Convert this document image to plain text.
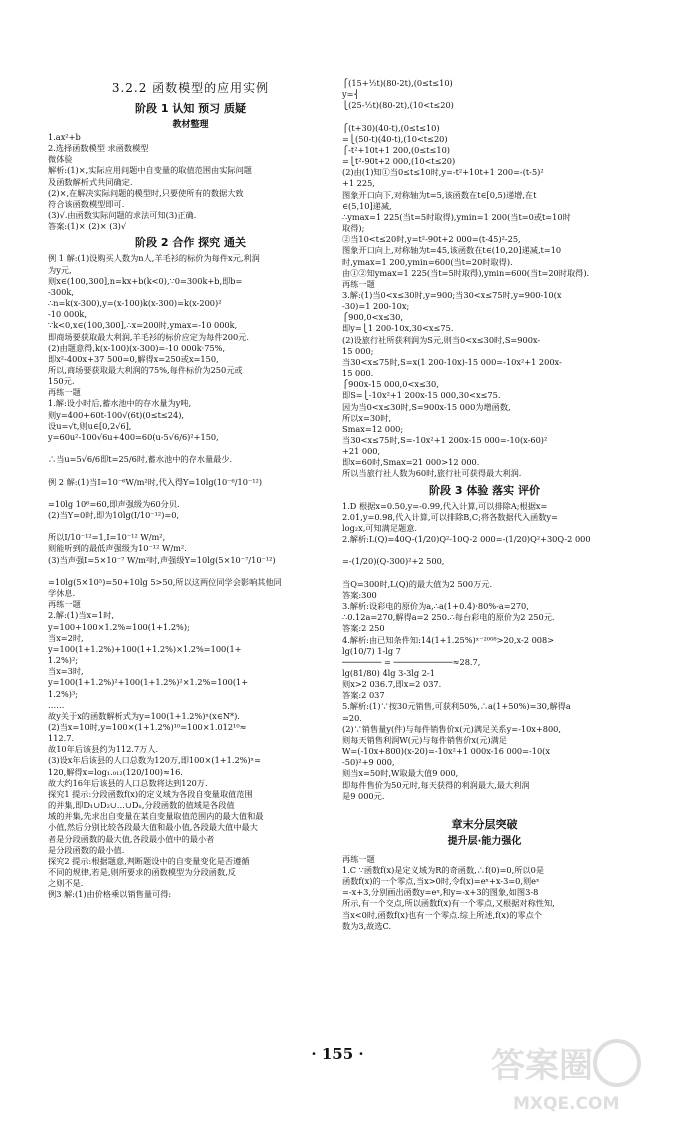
3.2.2 函数模型的应用实例
阶段 1 认知 预习 质疑
教材整理
1.ax²+b
2.选择函数模型 求函数模型
微体验
解析:(1)×,实际应用问题中自变量的取值范围由实际问题
及函数解析式共同确定.
(2)×,在解决实际问题的模型时,只要使所有的数据大致
符合该函数模型即可.
(3)√.由函数实际问题的求法可知(3)正确.
答案:(1)× (2)× (3)√
阶段 2 合作 探究 通关
例 1 解:(1)设购买人数为n人,羊毛衫的标价为每件x元,利润
为y元,
则x∈(100,300],n=kx+b(k<0),∵0=300k+b,即b=
-300k,
∴n=k(x-300),y=(x-100)k(x-300)=k(x-200)²
-10 000k,
∵k<0,x∈(100,300],∴x=200时,ymax=-10 000k,
即商场要获取最大利润,羊毛衫的标价应定为每件200元.
(2)由题意得,k(x-100)(x-300)=-10 000k·75%,
即x²-400x+37 500=0,解得x=250或x=150,
所以,商场要获取最大利润的75%,每件标价为250元或
150元.
再练一题
1.解:设小时后,蓄水池中的存水量为y吨,
则y=400+60t-100√(6t)(0≤t≤24),
设u=√t,则u∈[0,2√6],
y=60u²-100√6u+400=60(u-5√6/6)²+150,

∴当u=5√6/6即t=25/6时,蓄水池中的存水量最少.

例 2 解:(1)当I=10⁻⁶W/m²时,代入得Y=10lg(10⁻⁶/10⁻¹²)

=10lg 10⁶=60,即声强级为60分贝.
(2)当Y=0时,即为10lg(I/10⁻¹²)=0,

所以I/10⁻¹²=1,I=10⁻¹² W/m²,
则能听到的最低声强级为10⁻¹² W/m².
(3)当声强I=5×10⁻⁷ W/m²时,声强级Y=10lg(5×10⁻⁷/10⁻¹²)

=10lg(5×10⁵)=50+10lg 5>50,所以这两位同学会影响其他同
学休息.
再练一题
2.解:(1)当x=1时,
y=100+100×1.2%=100(1+1.2%);
当x=2时,
y=100(1+1.2%)+100(1+1.2%)×1.2%=100(1+
1.2%)²;
当x=3时,
y=100(1+1.2%)²+100(1+1.2%)²×1.2%=100(1+
1.2%)³;
……
故y关于x的函数解析式为y=100(1+1.2%)ˣ(x∈N*).
(2)当x=10时,y=100×(1+1.2%)¹⁰=100×1.012¹⁰≈
112.7.
故10年后该县约为112.7万人.
(3)设x年后该县的人口总数为120万,即100×(1+1.2%)ˣ=
120,解得x=log₁.₀₁₂(120/100)≈16.
故大约16年后该县的人口总数将达到120万.
探究1 提示:分段函数f(x)的定义域为各段自变量取值范围
的并集,即D₁∪D₂∪…∪Dₙ,分段函数的值域是各段值
域的并集,先求出自变量在某自变量取值范围内的最大值和最
小值,然后分别比较各段最大值和最小值,各段最大值中最大
者是分段函数的最大值,各段最小值中的最小者
是分段函数的最小值.
探究2 提示:根据题意,判断题设中的自变量变化是否遵循
不同的规律,若是,则所要求的函数模型为分段函数,反
之则不是.
例3 解:(1)由价格乘以销售量可得:
⎧(15+½t)(80-2t),(0≤t≤10)
y=⎨
⎩(25-½t)(80-2t),(10<t≤20)

⎧(t+30)(40-t),(0≤t≤10)
=⎩(50-t)(40-t),(10<t≤20)
⎧-t²+10t+1 200,(0≤t≤10)
=⎩t²-90t+2 000,(10<t≤20)
(2)由(1)知①当0≤t≤10时,y=-t²+10t+1 200=-(t-5)²
+1 225,
图象开口向下,对称轴为t=5,该函数在t∈[0,5)递增,在t
∈(5,10]递减,
∴ymax=1 225(当t=5时取得),ymin=1 200(当t=0或t=10时
取得);
②当10<t≤20时,y=t²-90t+2 000=(t-45)²-25,
图象开口向上,对称轴为t=45,该函数在t∈(10,20]递减,t=10
时,ymax=1 200,ymin=600(当t=20时取得).
由①②知ymax=1 225(当t=5时取得),ymin=600(当t=20时取得).
再练一题
3.解:(1)当0<x≤30时,y=900;当30<x≤75时,y=900-10(x
-30)=1 200-10x;
⎧900,0<x≤30,
即y=⎩1 200-10x,30<x≤75.
(2)设旅行社所获利润为S元,则当0<x≤30时,S=900x-
15 000;
当30<x≤75时,S=x(1 200-10x)-15 000=-10x²+1 200x-
15 000.
⎧900x-15 000,0<x≤30,
即S=⎩-10x²+1 200x-15 000,30<x≤75.
因为当0<x≤30时,S=900x-15 000为增函数,
所以x=30时,
Smax=12 000;
当30<x≤75时,S=-10x²+1 200x-15 000=-10(x-60)²
+21 000,
即x=60时,Smax=21 000>12 000.
所以当旅行社人数为60时,旅行社可获得最大利润.
阶段 3 体验 落实 评价
1.D 根据x=0.50,y=-0.99,代入计算,可以排除A;根据x=
2.01,y=0.98,代入计算,可以排除B,C;将各数据代入函数y=
log₂x,可知满足题意.
2.解析:L(Q)=40Q-(1/20)Q²-10Q-2 000=-(1/20)Q²+30Q-2 000

=-(1/20)(Q-300)²+2 500,

当Q=300时,L(Q)的最大值为2 500万元.
答案:300
3.解析:设彩电的原价为a,∴a(1+0.4)·80%-a=270,
∴0.12a=270,解得a=2 250.∴每台彩电的原价为2 250元.
答案:2 250
4.解析:由已知条件知:14(1+1.25%)ˣ⁻²⁰⁰⁸>20,x-2 008>
lg(10/7) 1-lg 7
──────── = ────────────≈28.7,
lg(81/80) 4lg 3-3lg 2-1
则x>2 036.7,即x=2 037.
答案:2 037
5.解析:(1)∵按30元销售,可获利50%,∴a(1+50%)=30,解得a
=20.
(2)∵销售量y(件)与每件销售价x(元)满足关系y=-10x+800,
则每天销售利润W(元)与每件销售价x(元)满足
W=(-10x+800)(x-20)=-10x²+1 000x-16 000=-10(x
-50)²+9 000,
则当x=50时,W取最大值9 000,
即每件售价为50元时,每天获得的利润最大,最大利润
是9 000元.
章末分层突破
提升层·能力强化
再练一题
1.C ∵函数f(x)是定义域为R的奇函数,∴f(0)=0,所以0是
函数f(x)的一个零点,当x>0时,令f(x)=eˣ+x-3=0,则eˣ
=-x+3,分别画出函数y=eˣ,和y=-x+3的图象,如图3-8
所示,有一个交点,所以函数f(x)有一个零点,又根据对称性知,
当x<0时,函数f(x)也有一个零点.综上所述,f(x)的零点个
数为3,故选C.
· 155 ·	答案圈
MXQE.COM
